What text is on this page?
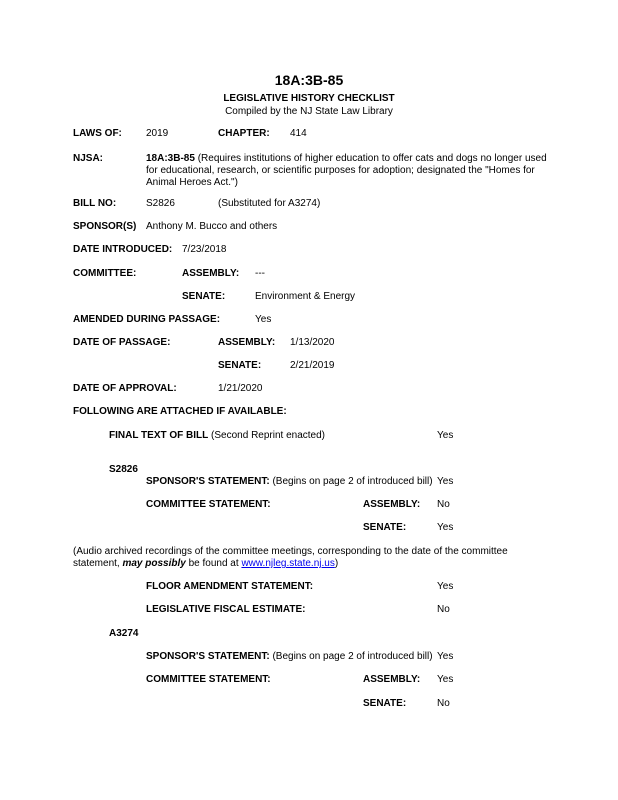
18A:3B-85
LEGISLATIVE HISTORY CHECKLIST
Compiled by the NJ State Law Library
LAWS OF: 2019	CHAPTER: 414
NJSA:	18A:3B-85 (Requires institutions of higher education to offer cats and dogs no longer used
for educational, research, or scientific purposes for adoption; designated the "Homes for
Animal Heroes Act.")
BILL NO:	S2826	(Substituted for A3274)
SPONSOR(S) Anthony M. Bucco and others
DATE INTRODUCED: 7/23/2018
COMMITTEE:	ASSEMBLY: ---
SENATE:	Environment & Energy
AMENDED DURING PASSAGE:	Yes
DATE OF PASSAGE:	ASSEMBLY: 1/13/2020
SENATE:	2/21/2019
DATE OF APPROVAL:	1/21/2020
FOLLOWING ARE ATTACHED IF AVAILABLE:
FINAL TEXT OF BILL (Second Reprint enacted)	Yes
S2826
SPONSOR'S STATEMENT: (Begins on page 2 of introduced bill) Yes
COMMITTEE STATEMENT:	ASSEMBLY: No
SENATE:	Yes
(Audio archived recordings of the committee meetings, corresponding to the date of the committee
statement, may possibly be found at www.njleg.state.nj.us)
FLOOR AMENDMENT STATEMENT:	Yes
LEGISLATIVE FISCAL ESTIMATE:	No
A3274
SPONSOR'S STATEMENT: (Begins on page 2 of introduced bill) Yes
COMMITTEE STATEMENT:	ASSEMBLY: Yes
SENATE:	No
